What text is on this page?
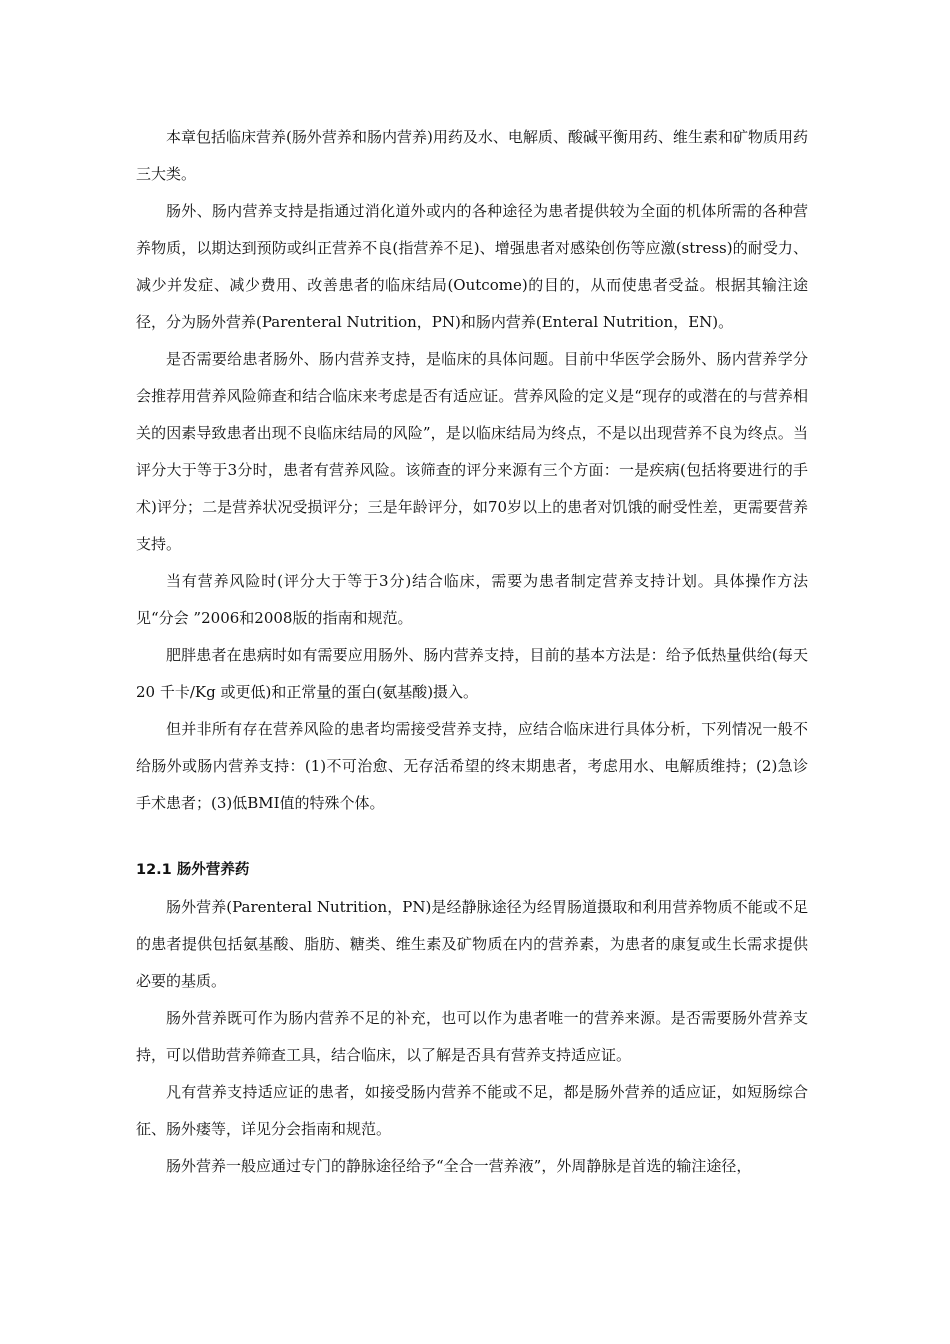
本章包括临床营养(肠外营养和肠内营养)用药及水、电解质、酸碱平衡用药、维生素和矿物质用药三大类。

肠外、肠内营养支持是指通过消化道外或内的各种途径为患者提供较为全面的机体所需的各种营养物质，以期达到预防或纠正营养不良(指营养不足)、增强患者对感染创伤等应激(stress)的耐受力、减少并发症、减少费用、改善患者的临床结局(Outcome)的目的，从而使患者受益。根据其输注途径，分为肠外营养(Parenteral Nutrition，PN)和肠内营养(Enteral Nutrition，EN)。

是否需要给患者肠外、肠内营养支持，是临床的具体问题。目前中华医学会肠外、肠内营养学分会推荐用营养风险筛查和结合临床来考虑是否有适应证。营养风险的定义是“现存的或潜在的与营养相关的因素导致患者出现不良临床结局的风险”，是以临床结局为终点，不是以出现营养不良为终点。当评分大于等于3分时，患者有营养风险。该筛查的评分来源有三个方面：一是疾病(包括将要进行的手术)评分；二是营养状况受损评分；三是年龄评分，如70岁以上的患者对饥饿的耐受性差，更需要营养支持。

当有营养风险时(评分大于等于3分)结合临床，需要为患者制定营养支持计划。具体操作方法见“分会 ”2006和2008版的指南和规范。

肥胖患者在患病时如有需要应用肠外、肠内营养支持，目前的基本方法是：给予低热量供给(每天 20 千卡/Kg 或更低)和正常量的蛋白(氨基酸)摄入。

但并非所有存在营养风险的患者均需接受营养支持，应结合临床进行具体分析，下列情况一般不给肠外或肠内营养支持：(1)不可治愈、无存活希望的终末期患者，考虑用水、电解质维持；(2)急诊手术患者；(3)低BMI值的特殊个体。

12.1 肠外营养药

肠外营养(Parenteral Nutrition，PN)是经静脉途径为经胃肠道摄取和利用营养物质不能或不足的患者提供包括氨基酸、脂肪、糖类、维生素及矿物质在内的营养素，为患者的康复或生长需求提供必要的基质。

肠外营养既可作为肠内营养不足的补充，也可以作为患者唯一的营养来源。是否需要肠外营养支持，可以借助营养筛查工具，结合临床，以了解是否具有营养支持适应证。

凡有营养支持适应证的患者，如接受肠内营养不能或不足，都是肠外营养的适应证，如短肠综合征、肠外瘘等，详见分会指南和规范。

肠外营养一般应通过专门的静脉途径给予“全合一营养液”，外周静脉是首选的输注途径，
